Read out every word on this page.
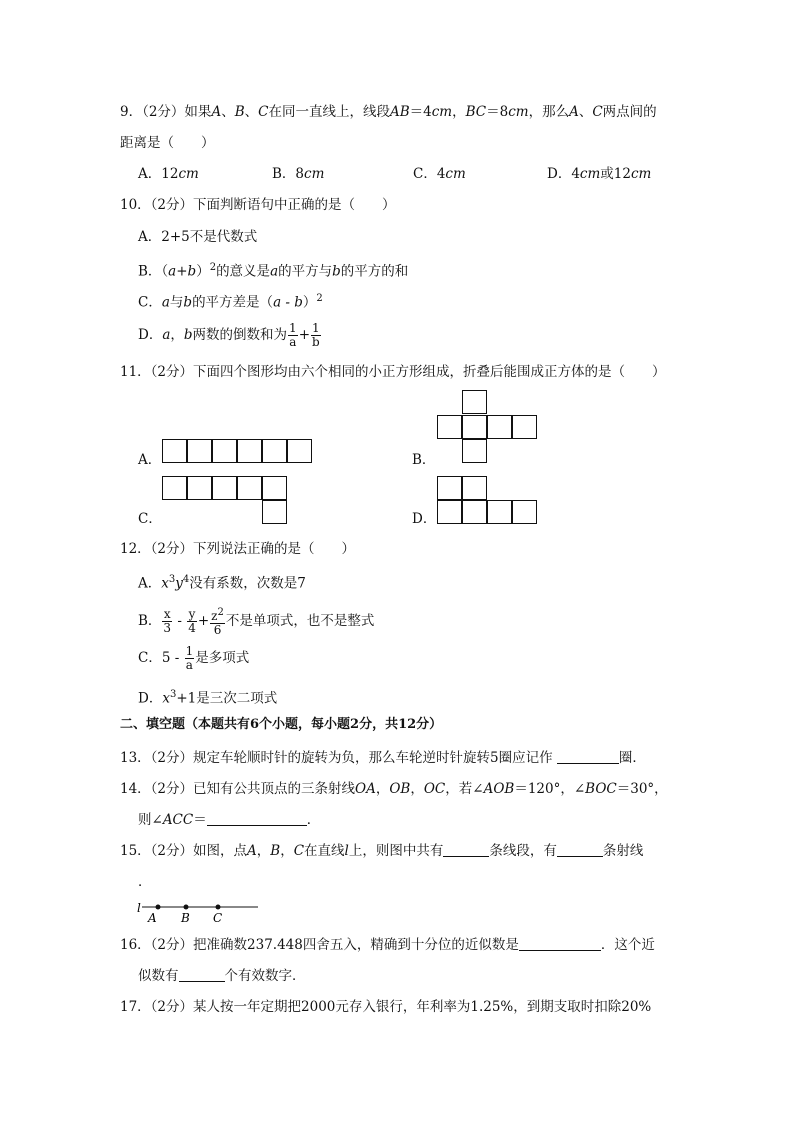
9．（2分）如果A、B、C在同一直线上，线段AB＝4cm，BC＝8cm，那么A、C两点间的
距离是（　　）
A．12cm	B．8cm	C．4cm	D．4cm或12cm
10．（2分）下面判断语句中正确的是（　　）
A．2+5不是代数式
B．$(a+b)^2$的意义是a的平方与b的平方的和
C．a与b的平方差是（a - b）$^2$
D．a，b两数的倒数和为 $\frac{1}{a} + \frac{1}{b}$
11．（2分）下面四个图形均由六个相同的小正方形组成，折叠后能围成正方体的是（　　）
A．	B．
C．	D．
12．（2分）下列说法正确的是（　　）
A．$x^3y^4$没有系数，次数是7
B． $\frac{x}{3} - \frac{y}{4} + \frac{z^2}{6}$ 不是单项式，也不是整式
C．$5 - \frac{1}{a}$ 是多项式
D．$x^3+1$是三次二项式
二、填空题（本题共有6个小题，每小题2分，共12分）
13．（2分）规定车轮顺时针的旋转为负，那么车轮逆时针旋转5圈应记作	圈．
14．（2分）已知有公共顶点的三条射线OA，OB，OC，若∠AOB＝120°，∠BOC＝30°，
则∠ACC＝	．
15．（2分）如图，点A，B，C在直线l上，则图中共有	条线段，有	条射线
．
l
A B C
16．（2分）把准确数237.448四舍五入，精确到十分位的近似数是	．这个近
似数有	个有效数字．
17．（2分）某人按一年定期把2000元存入银行，年利率为1.25%，到期支取时扣除20%
